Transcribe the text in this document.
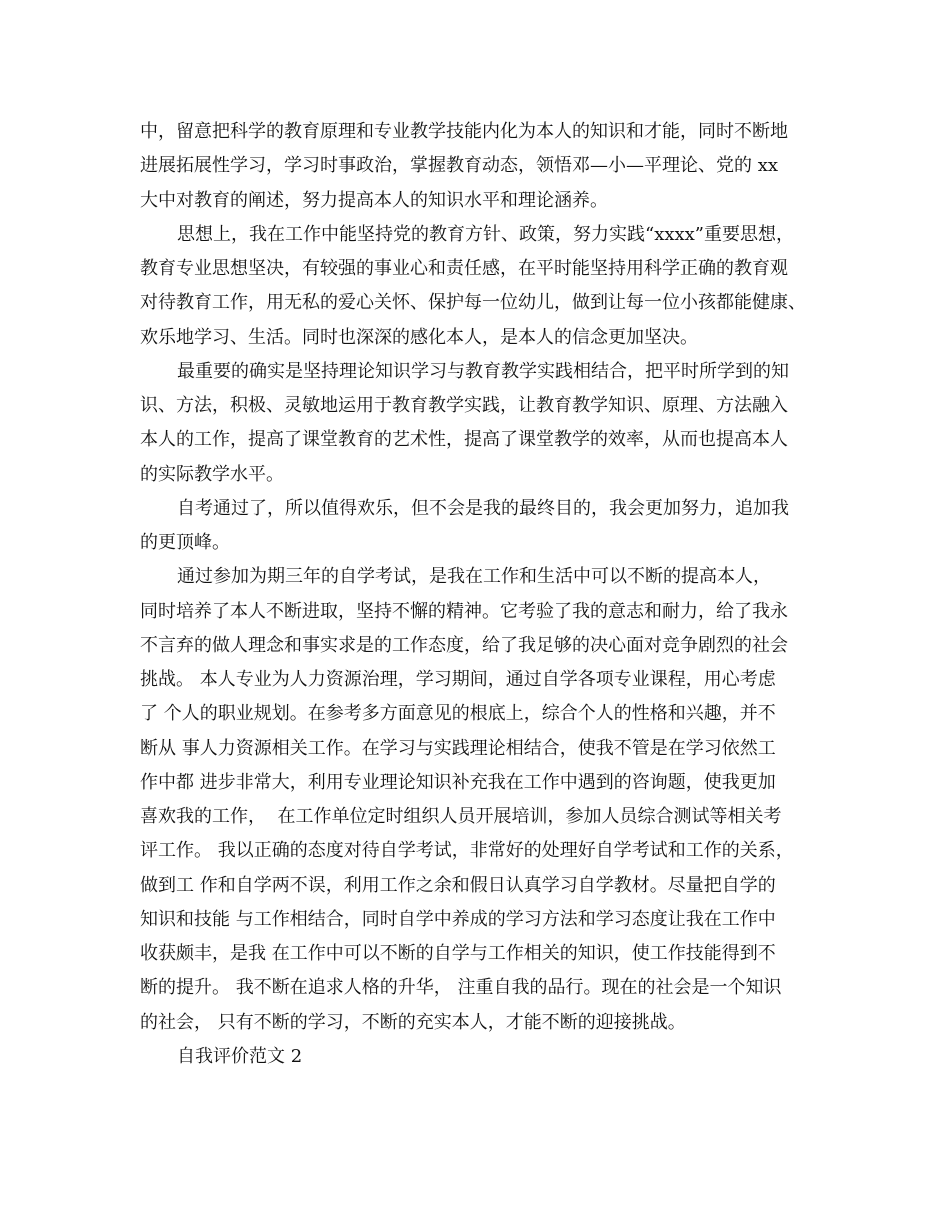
中，留意把科学的教育原理和专业教学技能内化为本人的知识和才能，同时不断地
进展拓展性学习，学习时事政治，掌握教育动态，领悟邓—小—平理论、党的 xx
大中对教育的阐述，努力提高本人的知识水平和理论涵养。
思想上，我在工作中能坚持党的教育方针、政策，努力实践“xxxx”重要思想，
教育专业思想坚决，有较强的事业心和责任感，在平时能坚持用科学正确的教育观
对待教育工作，用无私的爱心关怀、保护每一位幼儿，做到让每一位小孩都能健康、
欢乐地学习、生活。同时也深深的感化本人，是本人的信念更加坚决。
最重要的确实是坚持理论知识学习与教育教学实践相结合，把平时所学到的知
识、方法，积极、灵敏地运用于教育教学实践，让教育教学知识、原理、方法融入
本人的工作，提高了课堂教育的艺术性，提高了课堂教学的效率，从而也提高本人
的实际教学水平。
自考通过了，所以值得欢乐，但不会是我的最终目的，我会更加努力，追加我
的更顶峰。
通过参加为期三年的自学考试，是我在工作和生活中可以不断的提高本人，
同时培养了本人不断进取，坚持不懈的精神。它考验了我的意志和耐力，给了我永
不言弃的做人理念和事实求是的工作态度，给了我足够的决心面对竞争剧烈的社会
挑战。 本人专业为人力资源治理，学习期间，通过自学各项专业课程，用心考虑
了 个人的职业规划。在参考多方面意见的根底上，综合个人的性格和兴趣，并不
断从 事人力资源相关工作。在学习与实践理论相结合，使我不管是在学习依然工
作中都 进步非常大，利用专业理论知识补充我在工作中遇到的咨询题，使我更加
喜欢我的工作，  在工作单位定时组织人员开展培训，参加人员综合测试等相关考
评工作。 我以正确的态度对待自学考试，非常好的处理好自学考试和工作的关系，
做到工 作和自学两不误，利用工作之余和假日认真学习自学教材。尽量把自学的
知识和技能 与工作相结合，同时自学中养成的学习方法和学习态度让我在工作中
收获颇丰，是我 在工作中可以不断的自学与工作相关的知识，使工作技能得到不
断的提升。 我不断在追求人格的升华， 注重自我的品行。现在的社会是一个知识
的社会， 只有不断的学习，不断的充实本人，才能不断的迎接挑战。
自我评价范文 2
